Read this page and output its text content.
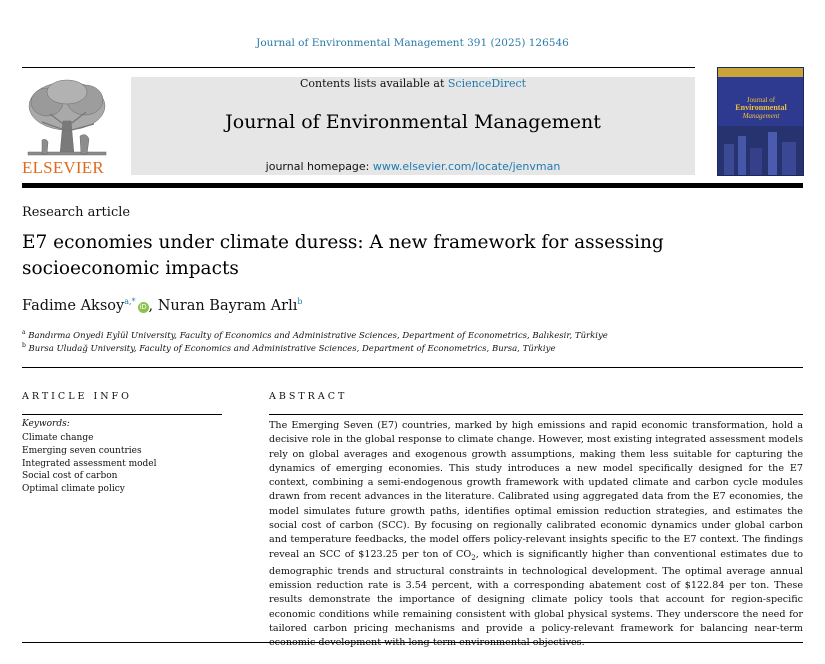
Journal of Environmental Management 391 (2025) 126546
ELSEVIER
Contents lists available at ScienceDirect
Journal of Environmental Management
journal homepage: www.elsevier.com/locate/jenvman
Journal of
Environmental
Management
Research article
E7 economies under climate duress: A new framework for assessing socioeconomic impacts
Fadime Aksoy$^{a,*}$iD , Nuran Bayram Arlı$^b$
$^a$ Bandırma Onyedi Eylül University, Faculty of Economics and Administrative Sciences, Department of Econometrics, Balıkesir, Türkiye
$^b$ Bursa Uludağ University, Faculty of Economics and Administrative Sciences, Department of Econometrics, Bursa, Türkiye
ARTICLE INFO
Keywords:
Climate change
Emerging seven countries
Integrated assessment model
Social cost of carbon
Optimal climate policy
ABSTRACT

The Emerging Seven (E7) countries, marked by high emissions and rapid economic transformation, hold a decisive role in the global response to climate change. However, most existing integrated assessment models rely on global averages and exogenous growth assumptions, making them less suitable for capturing the dynamics of emerging economies. This study introduces a new model specifically designed for the E7 context, combining a semi-endogenous growth framework with updated climate and carbon cycle modules drawn from recent advances in the literature. Calibrated using aggregated data from the E7 economies, the model simulates future growth paths, identifies optimal emission reduction strategies, and estimates the social cost of carbon (SCC). By focusing on regionally calibrated economic dynamics under global carbon and temperature feedbacks, the model offers policy-relevant insights specific to the E7 context. The findings reveal an SCC of $123.25 per ton of $CO_2$, which is significantly higher than conventional estimates due to demographic trends and structural constraints in technological development. The optimal average annual emission reduction rate is 3.54 percent, with a corresponding abatement cost of $122.84 per ton. These results demonstrate the importance of designing climate policy tools that account for region-specific economic conditions while remaining consistent with global physical systems. They underscore the need for tailored carbon pricing mechanisms and provide a policy-relevant framework for balancing near-term
